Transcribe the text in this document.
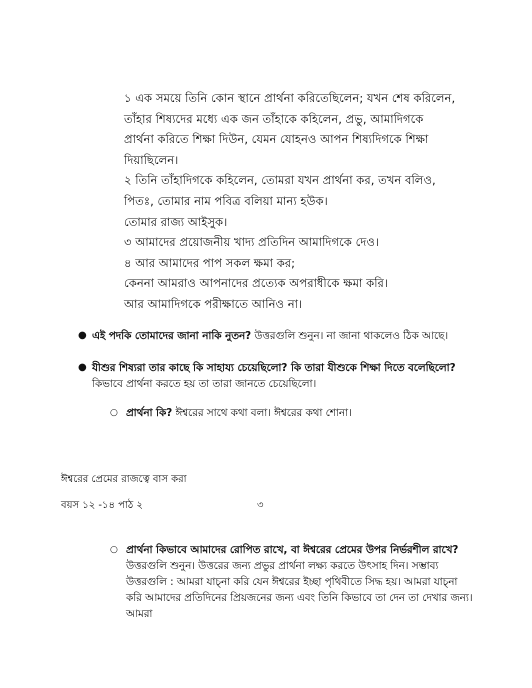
১ এক সময়ে তিনি কোন স্থানে প্রার্থনা করিতেছিলেন; যখন শেষ করিলেন,

তাঁহার শিষ্যদের মধ্যে এক জন তাঁহাকে কহিলেন, প্রভু, আমাদিগকে

প্রার্থনা করিতে শিক্ষা দিউন, যেমন যোহনও আপন শিষ্যদিগকে শিক্ষা

দিয়াছিলেন।

২ তিনি তাঁহাদিগকে কহিলেন, তোমরা যখন প্রার্থনা কর, তখন বলিও,

পিতঃ, তোমার নাম পবিত্র বলিয়া মান্য হউক।

তোমার রাজ্য আইসুক।

৩ আমাদের প্রয়োজনীয় খাদ্য প্রতিদিন আমাদিগকে দেও।

৪ আর আমাদের পাপ সকল ক্ষমা কর;

কেননা আমরাও আপনাদের প্রত্যেক অপরাধীকে ক্ষমা করি।

আর আমাদিগকে পরীক্ষাতে আনিও না।

● এই পদকি তোমাদের জানা নাকি নুতন? উত্তরগুলি শুনুন। না জানা থাকলেও ঠিক আছে।
● যীশুর শিষ্যরা তার কাছে কি সাহায্য চেয়েছিলো? কি তারা যীশুকে শিক্ষা দিতে বলেছিলো? কিভাবে প্রার্থনা করতে হয় তা তারা জানতে চেয়েছিলো।
○ প্রার্থনা কি? ঈশ্বরের সাথে কথা বলা। ঈশ্বরের কথা শোনা।
ঈশ্বরের প্রেমের রাজত্বে বাস করা
বয়স ১২ -১৪ পাঠ ২	৩
○ প্রার্থনা কিভাবে আমাদের রোপিত রাখে, বা ঈশ্বরের প্রেমের উপর নির্ভরশীল রাখে? উত্তরগুলি শুনুন। উত্তরের জন্য প্রভুর প্রার্থনা লক্ষ্য করতে উৎসাহ দিন। সম্ভাব্য উত্তরগুলি : আমরা যাচ্‌না করি যেন ঈশ্বরের ইচ্ছা পৃথিবীতে সিদ্ধ হয়। আমরা যাচ্‌না করি আমাদের প্রতিদিনের প্রিয়জনের জন্য এবং তিনি কিভাবে তা দেন তা দেখার জন্য। আমরা
